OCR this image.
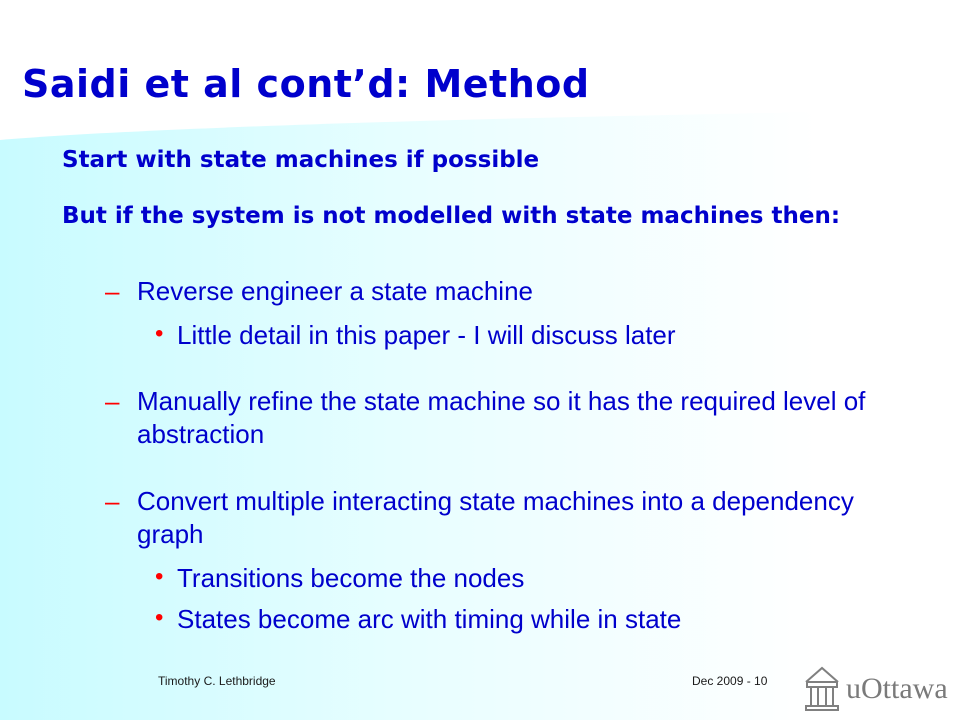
Saidi et al cont’d: Method
Start with state machines if possible
But if the system is not modelled with state machines then:
– Reverse engineer a state machine
• Little detail in this paper - I will discuss later
– Manually refine the state machine so it has the required level of abstraction
– Convert multiple interacting state machines into a dependency graph
• Transitions become the nodes
• States become arc with timing while in state
Timothy C. Lethbridge	Dec 2009 - 10	uOttawa
